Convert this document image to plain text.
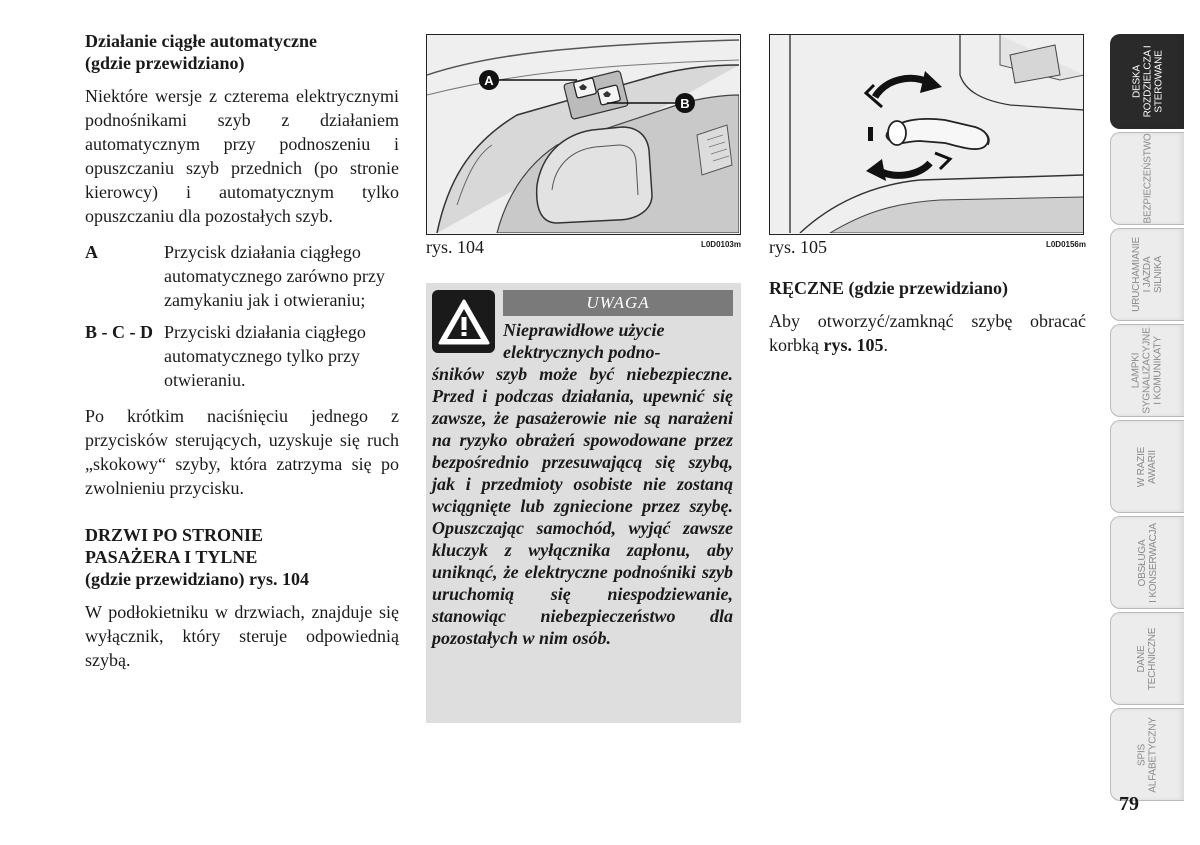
Działanie ciągłe automatyczne
(gdzie przewidziano)

Niektóre wersje z czterema elektrycznymi podnośnikami szyb z działaniem automatycznym przy podnoszeniu i opuszczaniu szyb przednich (po stronie kierowcy) i automatycznym tylko opuszczaniu dla pozostałych szyb.

A	Przycisk działania ciągłego automatycznego zarówno przy zamykaniu jak i otwieraniu;
B - C - D Przyciski działania ciągłego automatycznego tylko przy otwieraniu.

Po krótkim naciśnięciu jednego z przycisków sterujących, uzyskuje się ruch „skokowy“ szyby, która zatrzyma się po zwolnieniu przycisku.

DRZWI PO STRONIE
PASAŻERA I TYLNE
(gdzie przewidziano) rys. 104

W podłokietniku w drzwiach, znajduje się wyłącznik, który steruje odpowiednią szybą.

A
B
rys. 104	L0D0103m
UWAGA

Nieprawidłowe użycie
elektrycznych podno-

śników szyb może być niebezpieczne. Przed i podczas działania, upewnić się zawsze, że pasażerowie nie są narażeni na ryzyko obrażeń spowodowane przez bezpośrednio przesuwającą się szybą, jak i przedmioty osobiste nie zostaną wciągnięte lub zgniecione przez szybę. Opuszczając samochód, wyjąć zawsze kluczyk z wyłącznika zapłonu, aby uniknąć, że elektryczne podnośniki szyb uruchomią się niespodziewanie, stanowiąc niebezpieczeństwo dla pozostałych w nim osób.

rys. 105	L0D0156m
RĘCZNE (gdzie przewidziano)

Aby otworzyć/zamknąć szybę obracać korbką rys. 105.

DESKA
ROZDZIELCZA I
STEROWANE
BEZPIECZEŃSTWO
URUCHAMIANIE
I JAZDA
SILNIKA
LAMPKI
SYGNALIZACYJNE
I KOMUNIKATY
W RAZIE
AWARII
OBSŁUGA
I KONSERWACJA
DANE
TECHNICZNE
SPIS
ALFABETYCZNY
79
